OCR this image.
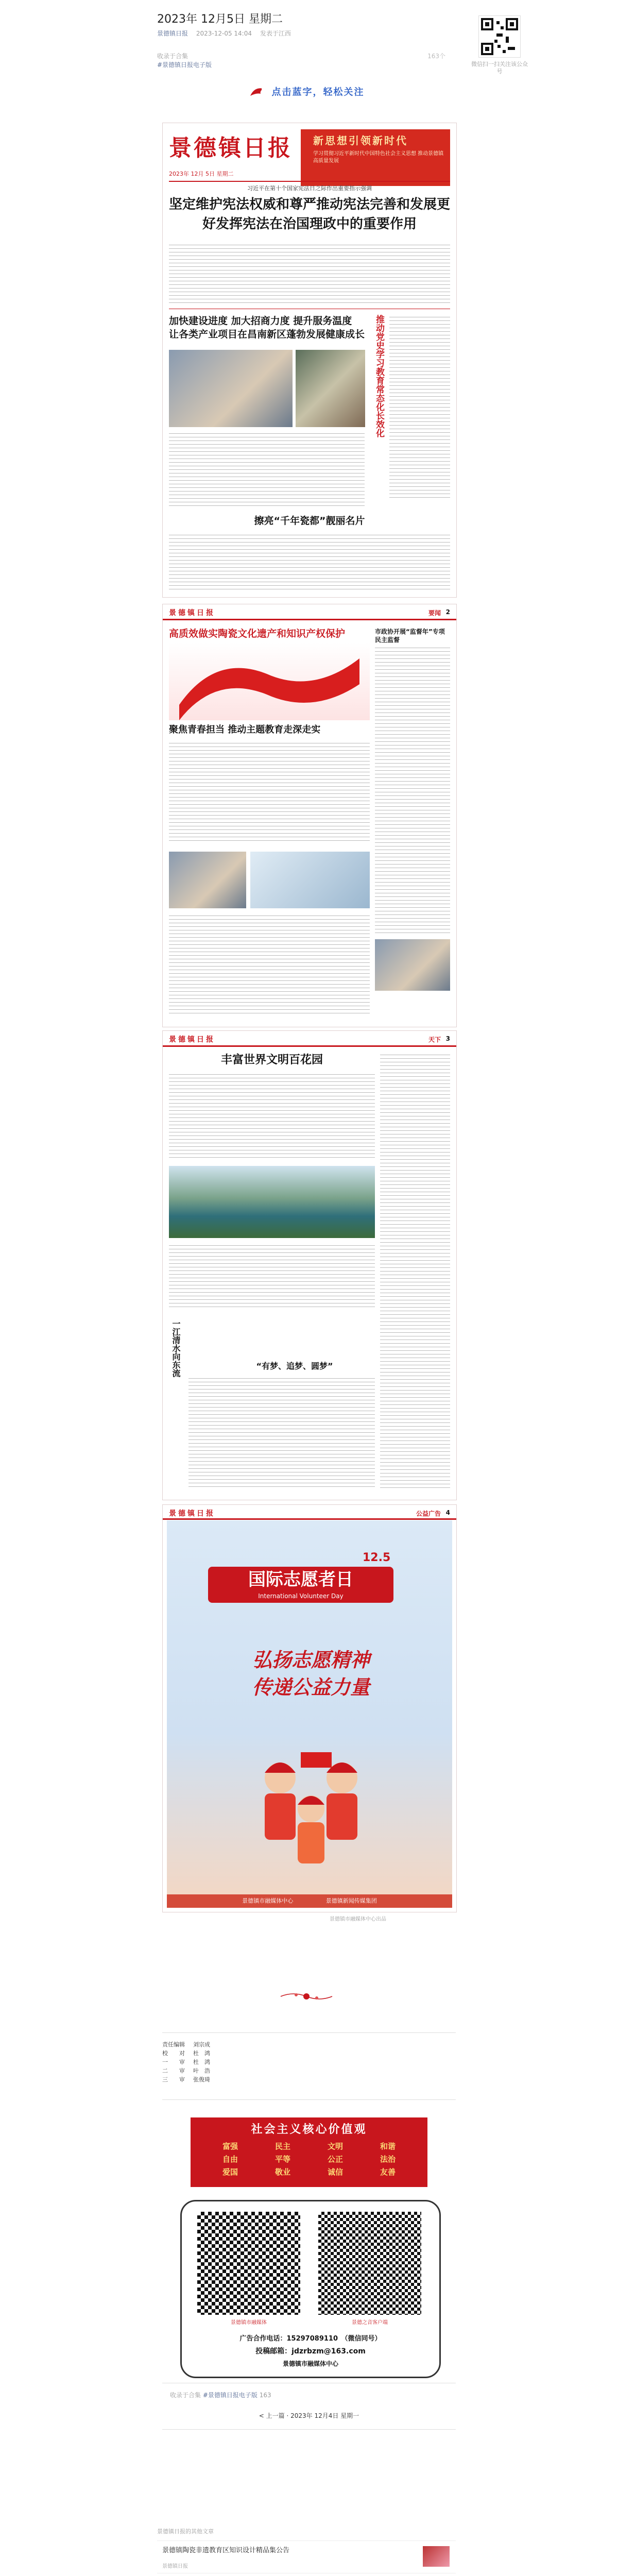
2023年 12月5日 星期二
景德镇日报 2023-12-05 14:04 发表于江西
微信扫一扫关注该公众号
收录于合集
#景德镇日报电子版
163个
点击蓝字，轻松关注
景德镇日报	新思想引领新时代
学习贯彻习近平新时代中国特色社会主义思想 推动景德镇高质量发展
2023年 12月 5日 星期二
习近平在第十个国家宪法日之际作出重要指示强调
坚定维护宪法权威和尊严推动宪法完善和发展更好发挥宪法在治国理政中的重要作用
加快建设进度 加大招商力度 提升服务温度 让各类产业项目在昌南新区蓬勃发展健康成长 推动党史学习教育常态化长效化
擦亮“千年瓷都”靓丽名片
景德镇日报	要闻 2
高质效做实陶瓷文化遗产和知识产权保护
聚焦青春担当 推动主题教育走深走实
市政协开展“监督年”专项民主监督
景德镇日报	天下 3
丰富世界文明百花园
一江清水向东流	“有梦、追梦、圆梦”
景德镇日报	公益广告 4
12.5
国际志愿者日
International Volunteer Day
弘扬志愿精神
传递公益力量
景德镇市融媒体中心	景德镇新闻传媒集团
景德镇市融媒体中心出品
责任编辑 刘宗成
校　　对 杜　鸿
一　　审 杜　鸿
二　　审 叶　浩
三　　审 张俊琦
社会主义核心价值观
富强	民主	文明	和谐
自由	平等	公正	法治
爱国	敬业	诚信	友善
景德镇市融媒体	景德之音客户端
广告合作电话：15297089110　（微信同号）
投稿邮箱：jdzrbzm@163.com
景德镇市融媒体中心
收录于合集 #景德镇日报电子版 163
< 上一篇 · 2023年 12月4日 星期一
景德镇日报的其他文章
景德镇陶瓷非遗教育区知识设计精品集公告
景德镇日报
